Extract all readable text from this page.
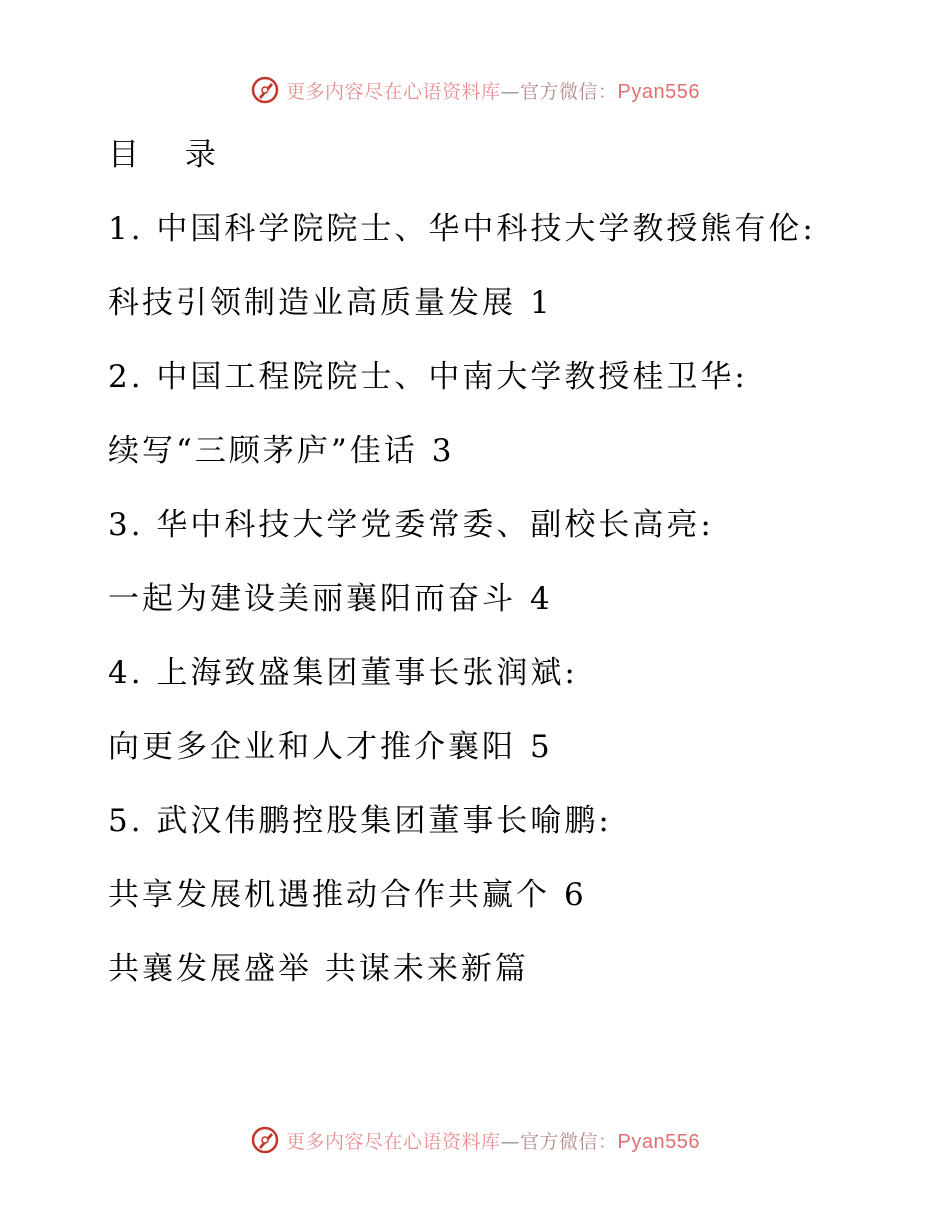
更多内容尽在心语资料库—官方微信：Pyan556
目 录
1. 中国科学院院士、华中科技大学教授熊有伦:
科技引领制造业高质量发展 1
2. 中国工程院院士、中南大学教授桂卫华:
续写“三顾茅庐”佳话 3
3. 华中科技大学党委常委、副校长高亮:
一起为建设美丽襄阳而奋斗 4
4. 上海致盛集团董事长张润斌:
向更多企业和人才推介襄阳 5
5. 武汉伟鹏控股集团董事长喻鹏:
共享发展机遇推动合作共赢个 6
共襄发展盛举 共谋未来新篇
更多内容尽在心语资料库—官方微信：Pyan556
